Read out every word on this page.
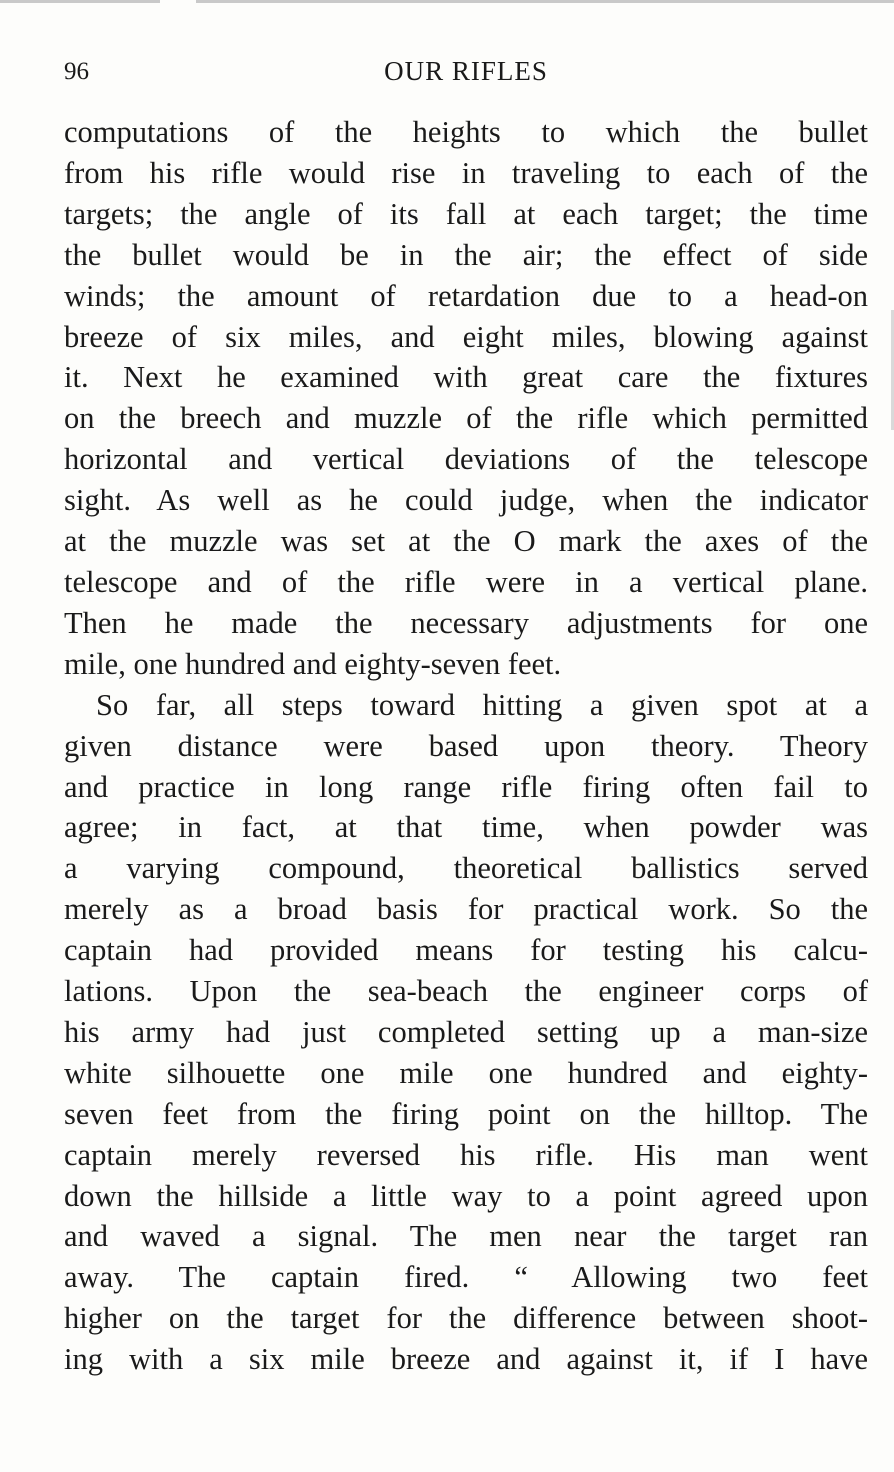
96	OUR RIFLES
computations of the heights to which the bullet
from his rifle would rise in traveling to each of the
targets; the angle of its fall at each target; the time
the bullet would be in the air; the effect of side
winds; the amount of retardation due to a head-on
breeze of six miles, and eight miles, blowing against
it. Next he examined with great care the fixtures
on the breech and muzzle of the rifle which permitted
horizontal and vertical deviations of the telescope
sight. As well as he could judge, when the indicator
at the muzzle was set at the O mark the axes of the
telescope and of the rifle were in a vertical plane.
Then he made the necessary adjustments for one
mile, one hundred and eighty-seven feet.
So far, all steps toward hitting a given spot at a
given distance were based upon theory. Theory
and practice in long range rifle firing often fail to
agree; in fact, at that time, when powder was
a varying compound, theoretical ballistics served
merely as a broad basis for practical work. So the
captain had provided means for testing his calcu-
lations. Upon the sea-beach the engineer corps of
his army had just completed setting up a man-size
white silhouette one mile one hundred and eighty-
seven feet from the firing point on the hilltop. The
captain merely reversed his rifle. His man went
down the hillside a little way to a point agreed upon
and waved a signal. The men near the target ran
away. The captain fired. “ Allowing two feet
higher on the target for the difference between shoot-
ing with a six mile breeze and against it, if I have
